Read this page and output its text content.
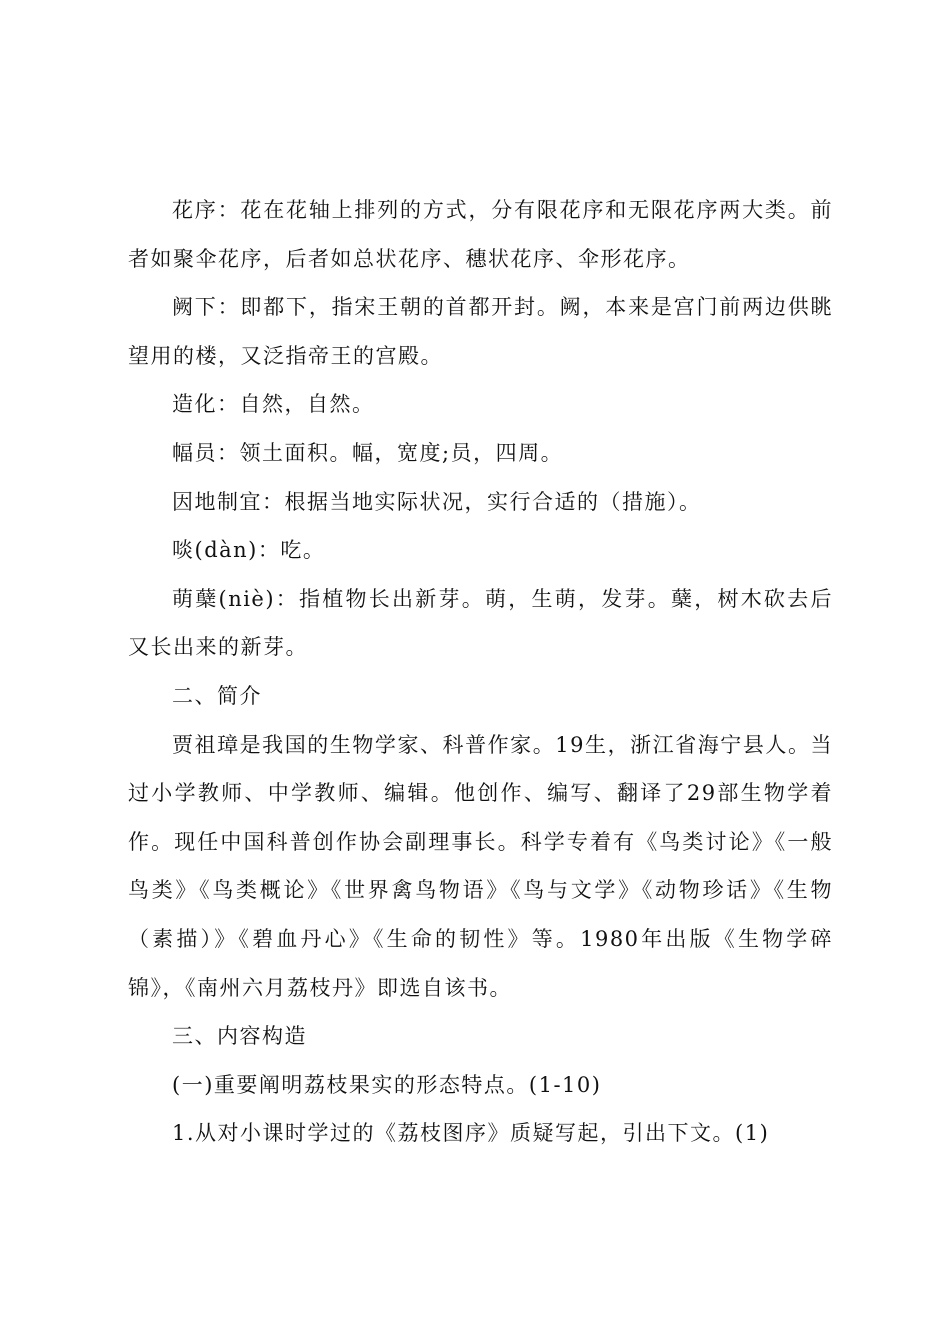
花序：花在花轴上排列的方式，分有限花序和无限花序两大类。前者如聚伞花序，后者如总状花序、穗状花序、伞形花序。

阙下：即都下，指宋王朝的首都开封。阙，本来是宫门前两边供眺望用的楼，又泛指帝王的宫殿。

造化：自然，自然。

幅员：领土面积。幅，宽度;员，四周。

因地制宜：根据当地实际状况，实行合适的（措施）。

啖(dàn)：吃。

萌蘖(niè)：指植物长出新芽。萌，生萌，发芽。蘖，树木砍去后又长出来的新芽。

二、简介

贾祖璋是我国的生物学家、科普作家。19生，浙江省海宁县人。当过小学教师、中学教师、编辑。他创作、编写、翻译了29部生物学着作。现任中国科普创作协会副理事长。科学专着有《鸟类讨论》《一般鸟类》《鸟类概论》《世界禽鸟物语》《鸟与文学》《动物珍话》《生物（素描）》《碧血丹心》《生命的韧性》等。1980年出版《生物学碎锦》，《南州六月荔枝丹》即选自该书。

三、内容构造

(一)重要阐明荔枝果实的形态特点。(1-10)

1.从对小课时学过的《荔枝图序》质疑写起，引出下文。(1)
